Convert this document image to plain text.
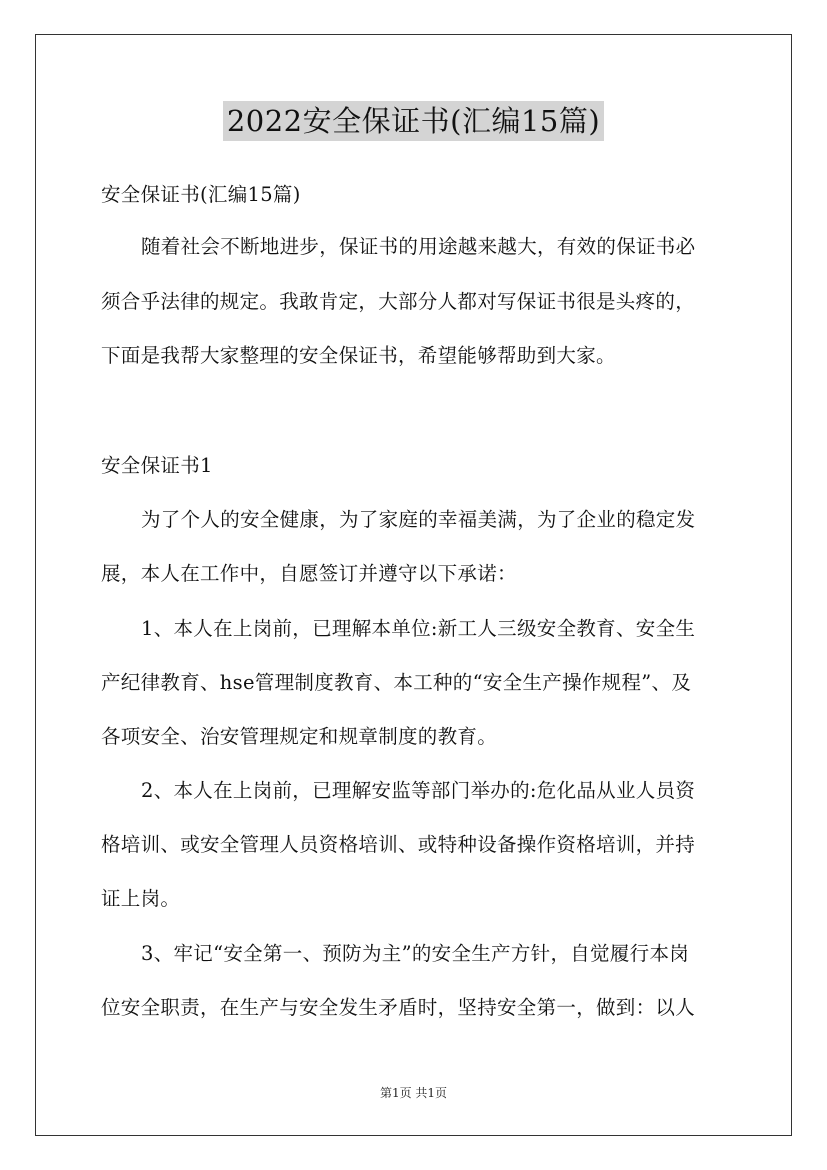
2022安全保证书(汇编15篇)
安全保证书(汇编15篇)
随着社会不断地进步，保证书的用途越来越大，有效的保证书必
须合乎法律的规定。我敢肯定，大部分人都对写保证书很是头疼的，
下面是我帮大家整理的安全保证书，希望能够帮助到大家。
安全保证书1
为了个人的安全健康，为了家庭的幸福美满，为了企业的稳定发
展，本人在工作中，自愿签订并遵守以下承诺：
1、本人在上岗前，已理解本单位:新工人三级安全教育、安全生
产纪律教育、hse管理制度教育、本工种的“安全生产操作规程”、及
各项安全、治安管理规定和规章制度的教育。
2、本人在上岗前，已理解安监等部门举办的:危化品从业人员资
格培训、或安全管理人员资格培训、或特种设备操作资格培训，并持
证上岗。
3、牢记“安全第一、预防为主”的安全生产方针，自觉履行本岗
位安全职责，在生产与安全发生矛盾时，坚持安全第一，做到：以人
第1页 共1页
